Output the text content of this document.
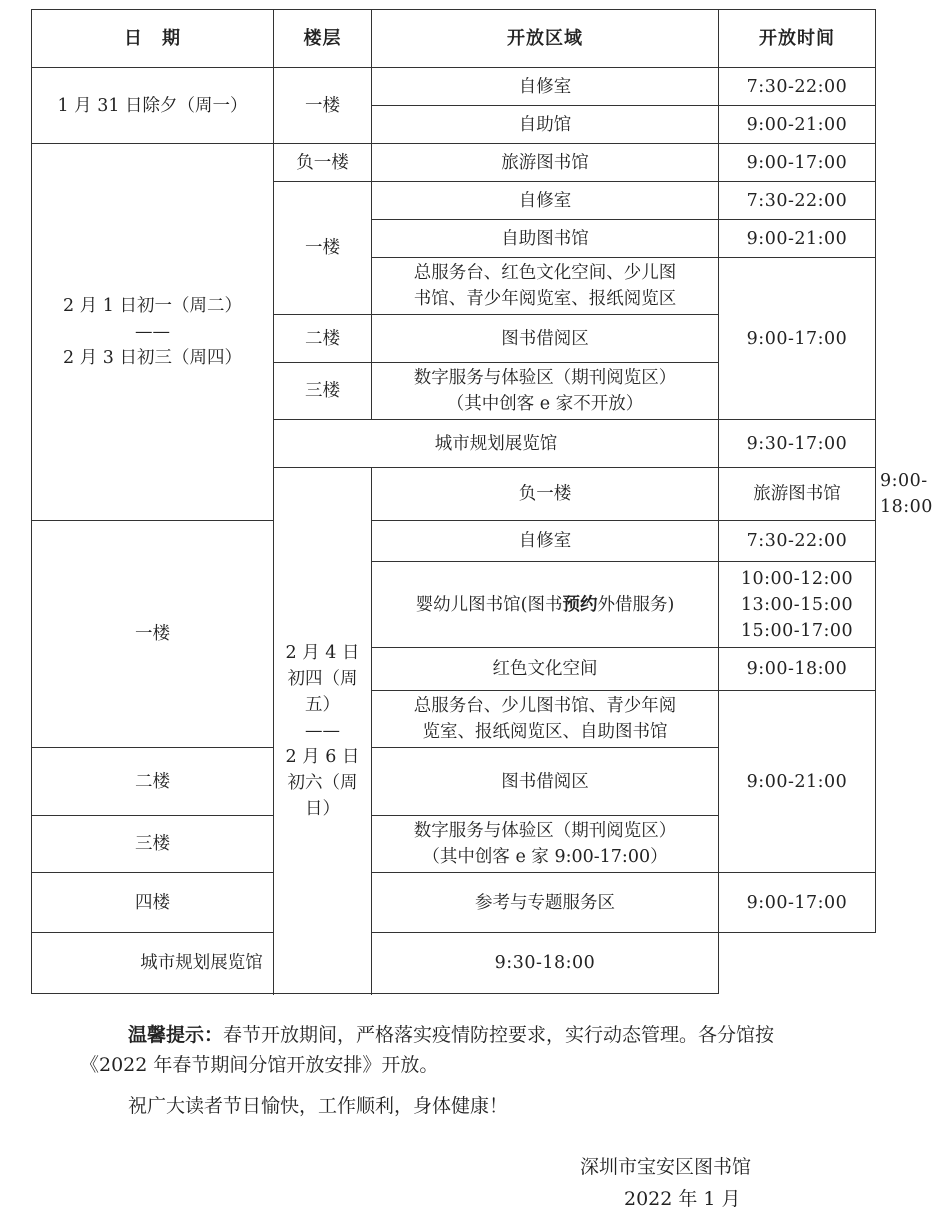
日　期	楼层	开放区域	开放时间	
1 月 31 日除夕（周一）	一楼	自修室	7:30-22:00	
		自助馆	9:00-21:00	

2 月 1 日初一（周二）
——
2 月 3 日初三（周四）	负一楼	旅游图书馆	9:00-17:00	
	一楼	自修室	7:30-22:00	
		自助图书馆	9:00-21:00	

		总服务台、红色文化空间、少儿图
书馆、青少年阅览室、报纸阅览区	9:00-17:00	
	二楼	图书借阅区		
	三楼	数字服务与体验区（期刊阅览区）
（其中创客 e 家不开放）		

	城市规划展览馆		9:30-17:00	

	2 月 4 日初四（周五）
——
2 月 6 日初六（周日）	负一楼	旅游图书馆	9:00-18:00
一楼		自修室	7:30-22:00	
		婴幼儿图书馆(图书预约外借服务)	10:00-12:00
13:00-15:00
15:00-17:00	

		红色文化空间	9:00-18:00	

		总服务台、少儿图书馆、青少年阅
览室、报纸阅览区、自助图书馆	9:00-21:00	
二楼		图书借阅区		
三楼		数字服务与体验区（期刊阅览区）
（其中创客 e 家 9:00-17:00）		

四楼		参考与专题服务区	9:00-17:00	
城市规划展览馆		9:30-18:00		

温馨提示：春节开放期间，严格落实疫情防控要求，实行动态管理。各分馆按《2022 年春节期间分馆开放安排》开放。
祝广大读者节日愉快，工作顺利，身体健康！
深圳市宝安区图书馆
2022 年 1 月
